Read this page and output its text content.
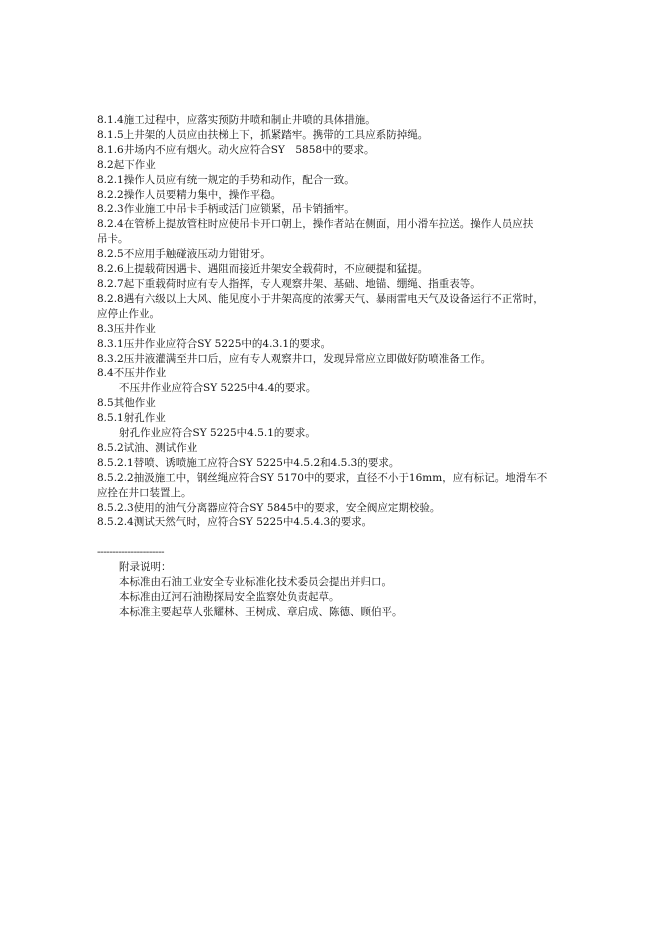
8.1.4施工过程中，应落实预防井喷和制止井喷的具体措施。
8.1.5上井架的人员应由扶梯上下，抓紧踏牢。携带的工具应系防掉绳。
8.1.6井场内不应有烟火。动火应符合SY　5858中的要求。
8.2起下作业
8.2.1操作人员应有统一规定的手势和动作，配合一致。
8.2.2操作人员要精力集中，操作平稳。
8.2.3作业施工中吊卡手柄或活门应锁紧，吊卡销插牢。
8.2.4在管桥上提放管柱时应使吊卡开口朝上，操作者站在侧面，用小滑车拉送。操作人员应扶
吊卡。
8.2.5不应用手触碰液压动力钳钳牙。
8.2.6上提载荷因遇卡、遇阻而接近井架安全载荷时，不应硬提和猛提。
8.2.7起下重载荷时应有专人指挥，专人观察井架、基础、地锚、绷绳、指重表等。
8.2.8遇有六级以上大风、能见度小于井架高度的浓雾天气、暴雨雷电天气及设备运行不正常时，
应停止作业。
8.3压井作业
8.3.1压井作业应符合SY 5225中的4.3.1的要求。
8.3.2压井液灌满至井口后，应有专人观察井口，发现异常应立即做好防喷准备工作。
8.4不压井作业
不压井作业应符合SY 5225中4.4的要求。
8.5其他作业
8.5.1射孔作业
射孔作业应符合SY 5225中4.5.1的要求。
8.5.2试油、测试作业
8.5.2.1替喷、诱喷施工应符合SY 5225中4.5.2和4.5.3的要求。
8.5.2.2抽汲施工中，钢丝绳应符合SY 5170中的要求，直径不小于16mm，应有标记。地滑车不
应拴在井口装置上。
8.5.2.3使用的油气分离器应符合SY 5845中的要求，安全阀应定期校验。
8.5.2.4测试天然气时，应符合SY 5225中4.5.4.3的要求。
----------------------
附录说明：
本标准由石油工业安全专业标准化技术委员会提出并归口。
本标准由辽河石油勘探局安全监察处负责起草。
本标准主要起草人张耀林、王树成、章启成、陈德、顾伯平。
